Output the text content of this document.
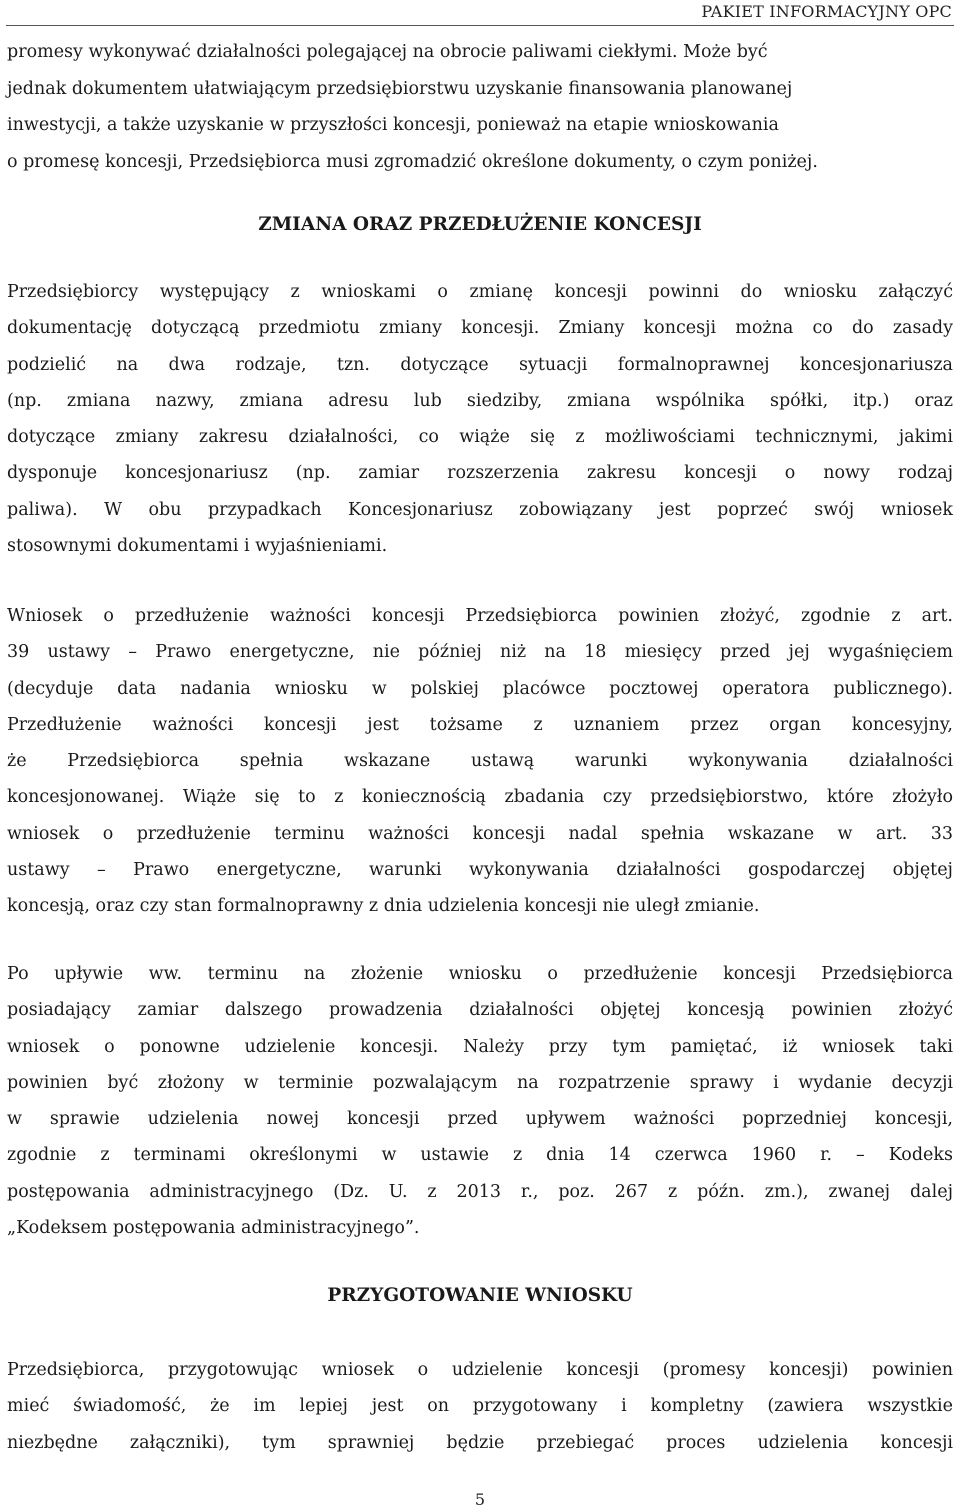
PAKIET INFORMACYJNY OPC
promesy wykonywać działalności polegającej na obrocie paliwami ciekłymi. Może być
jednak dokumentem ułatwiającym przedsiębiorstwu uzyskanie finansowania planowanej
inwestycji, a także uzyskanie w przyszłości koncesji, ponieważ na etapie wnioskowania
o promesę koncesji, Przedsiębiorca musi zgromadzić określone dokumenty, o czym poniżej.
ZMIANA ORAZ PRZEDŁUŻENIE KONCESJI
Przedsiębiorcy występujący z wnioskami o zmianę koncesji powinni do wniosku załączyć
dokumentację dotyczącą przedmiotu zmiany koncesji. Zmiany koncesji można co do zasady
podzielić na dwa rodzaje, tzn. dotyczące sytuacji formalnoprawnej koncesjonariusza
(np. zmiana nazwy, zmiana adresu lub siedziby, zmiana wspólnika spółki, itp.) oraz
dotyczące zmiany zakresu działalności, co wiąże się z możliwościami technicznymi, jakimi
dysponuje koncesjonariusz (np. zamiar rozszerzenia zakresu koncesji o nowy rodzaj
paliwa). W obu przypadkach Koncesjonariusz zobowiązany jest poprzeć swój wniosek
stosownymi dokumentami i wyjaśnieniami.
Wniosek o przedłużenie ważności koncesji Przedsiębiorca powinien złożyć, zgodnie z art.
39 ustawy – Prawo energetyczne, nie później niż na 18 miesięcy przed jej wygaśnięciem
(decyduje data nadania wniosku w polskiej placówce pocztowej operatora publicznego).
Przedłużenie ważności koncesji jest tożsame z uznaniem przez organ koncesyjny,
że Przedsiębiorca spełnia wskazane ustawą warunki wykonywania działalności
koncesjonowanej. Wiąże się to z koniecznością zbadania czy przedsiębiorstwo, które złożyło
wniosek o przedłużenie terminu ważności koncesji nadal spełnia wskazane w art. 33
ustawy – Prawo energetyczne, warunki wykonywania działalności gospodarczej objętej
koncesją, oraz czy stan formalnoprawny z dnia udzielenia koncesji nie uległ zmianie.
Po upływie ww. terminu na złożenie wniosku o przedłużenie koncesji Przedsiębiorca
posiadający zamiar dalszego prowadzenia działalności objętej koncesją powinien złożyć
wniosek o ponowne udzielenie koncesji. Należy przy tym pamiętać, iż wniosek taki
powinien być złożony w terminie pozwalającym na rozpatrzenie sprawy i wydanie decyzji
w sprawie udzielenia nowej koncesji przed upływem ważności poprzedniej koncesji,
zgodnie z terminami określonymi w ustawie z dnia 14 czerwca 1960 r. – Kodeks
postępowania administracyjnego (Dz. U. z 2013 r., poz. 267 z późn. zm.), zwanej dalej
„Kodeksem postępowania administracyjnego”.
PRZYGOTOWANIE WNIOSKU
Przedsiębiorca, przygotowując wniosek o udzielenie koncesji (promesy koncesji) powinien
mieć świadomość, że im lepiej jest on przygotowany i kompletny (zawiera wszystkie
niezbędne załączniki), tym sprawniej będzie przebiegać proces udzielenia koncesji
5
